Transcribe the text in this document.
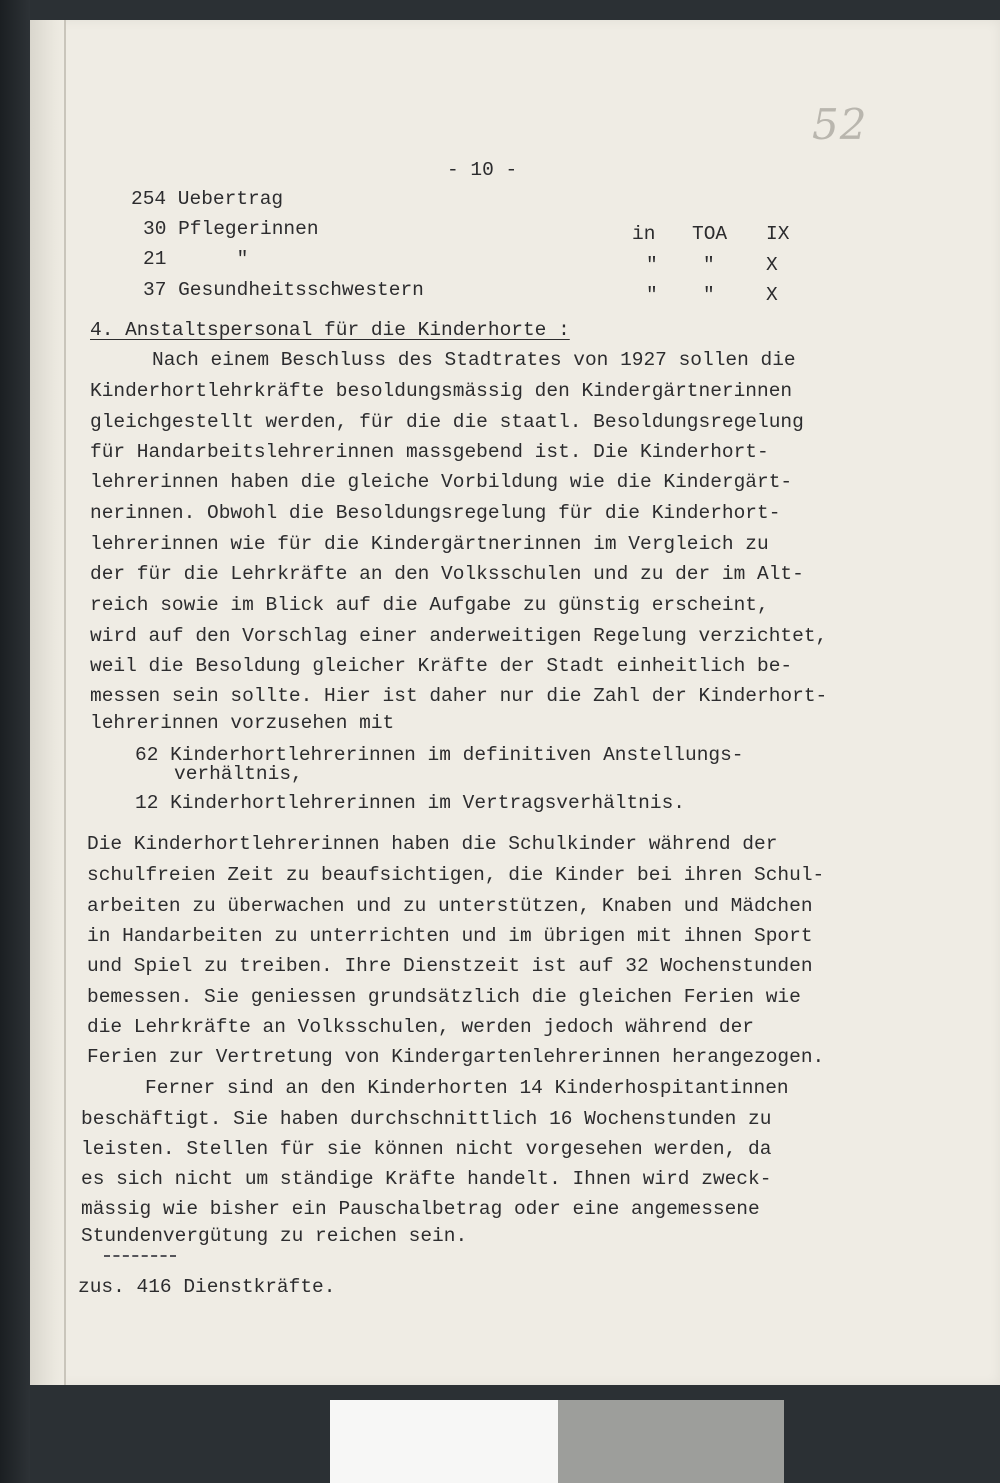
52
- 10 -
254 Uebertrag
30 Pflegerinnen	in TOA IX
21      "	" "	X
37 Gesundheitsschwestern	" "	X
4. Anstaltspersonal für die Kinderhorte :
Nach einem Beschluss des Stadtrates von 1927 sollen die
Kinderhortlehrkräfte besoldungsmässig den Kindergärtnerinnen
gleichgestellt werden, für die die staatl. Besoldungsregelung
für Handarbeitslehrerinnen massgebend ist. Die Kinderhort-
lehrerinnen haben die gleiche Vorbildung wie die Kindergärt-
nerinnen. Obwohl die Besoldungsregelung für die Kinderhort-
lehrerinnen wie für die Kindergärtnerinnen im Vergleich zu
der für die Lehrkräfte an den Volksschulen und zu der im Alt-
reich sowie im Blick auf die Aufgabe zu günstig erscheint,
wird auf den Vorschlag einer anderweitigen Regelung verzichtet,
weil die Besoldung gleicher Kräfte der Stadt einheitlich be-
messen sein sollte. Hier ist daher nur die Zahl der Kinderhort-
lehrerinnen vorzusehen mit
62 Kinderhortlehrerinnen im definitiven Anstellungs-
verhältnis,
12 Kinderhortlehrerinnen im Vertragsverhältnis.
Die Kinderhortlehrerinnen haben die Schulkinder während der
schulfreien Zeit zu beaufsichtigen, die Kinder bei ihren Schul-
arbeiten zu überwachen und zu unterstützen, Knaben und Mädchen
in Handarbeiten zu unterrichten und im übrigen mit ihnen Sport
und Spiel zu treiben. Ihre Dienstzeit ist auf 32 Wochenstunden
bemessen. Sie geniessen grundsätzlich die gleichen Ferien wie
die Lehrkräfte an Volksschulen, werden jedoch während der
Ferien zur Vertretung von Kindergartenlehrerinnen herangezogen.
Ferner sind an den Kinderhorten 14 Kinderhospitantinnen
beschäftigt. Sie haben durchschnittlich 16 Wochenstunden zu
leisten. Stellen für sie können nicht vorgesehen werden, da
es sich nicht um ständige Kräfte handelt. Ihnen wird zweck-
mässig wie bisher ein Pauschalbetrag oder eine angemessene
Stundenvergütung zu reichen sein.
zus. 416 Dienstkräfte.
